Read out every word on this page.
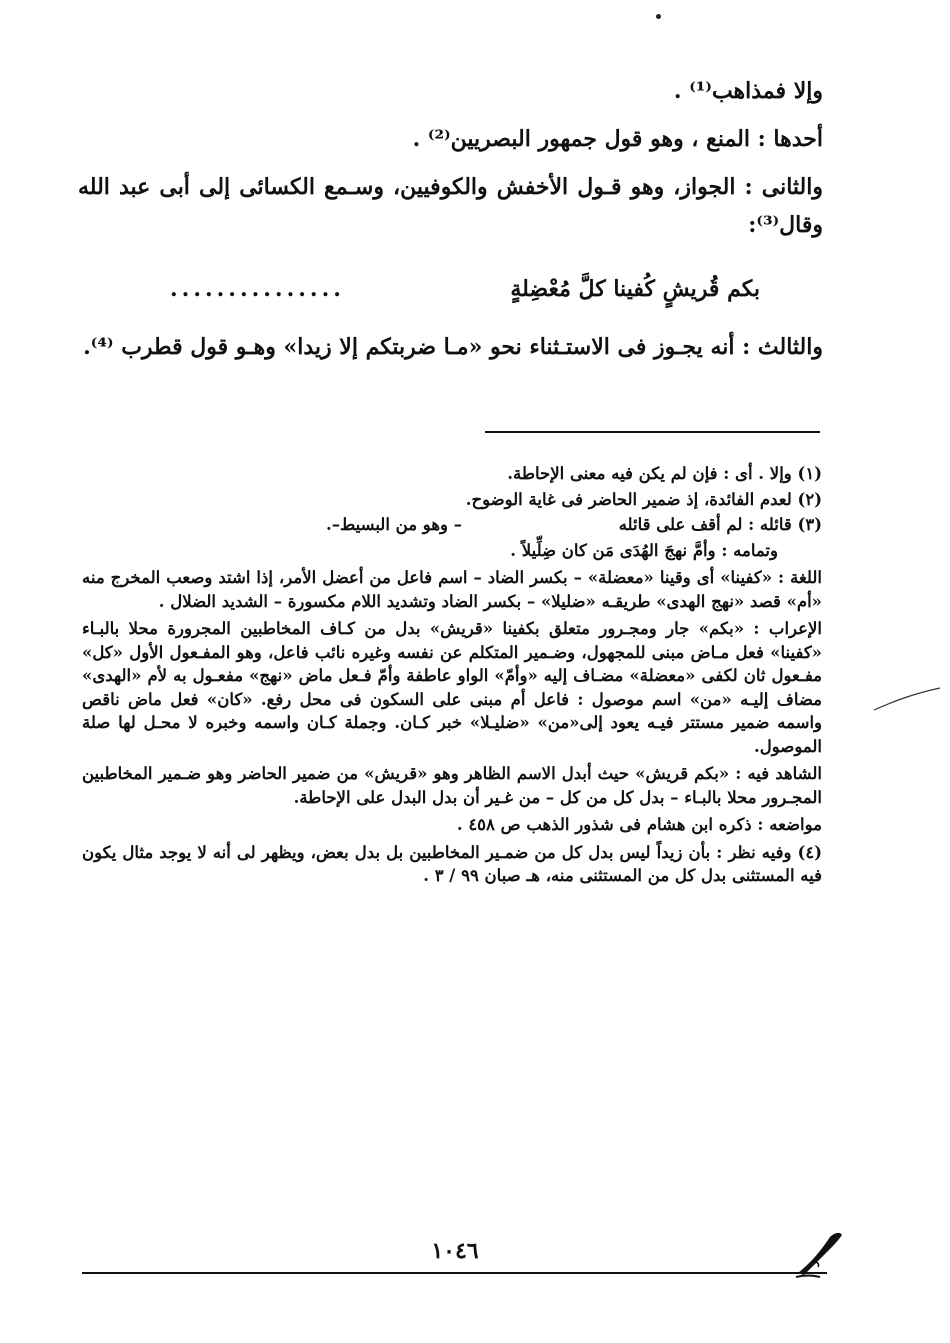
وإلا فمذاهب⁽¹⁾ .

أحدها : المنع ، وهو قول جمهور البصريين⁽²⁾ .

والثانى : الجواز، وهو قـول الأخفش والكوفيين، وسـمع الكسائى إلى أبى عبد الله وقال⁽³⁾:

بكم قُريشٍ كُفينا كلَّ مُعْضِلةٍ
...............

والثالث : أنه يجـوز فى الاستـثناء نحو «مـا ضربتكم إلا زيدا» وهـو قول قطرب ⁽⁴⁾.

(١) وإلا . أى : فإن لم يكن فيه معنى الإحاطة.

(٢) لعدم الفائدة، إذ ضمير الحاضر فى غاية الوضوح.

(٣) قائله : لم أقف على قائله– وهو من البسيط–.

وتمامه : وأمَّ نهجَ الهُدَى مَن كان ضِلِّيلاً .

اللغة : «كفينا» أى وقينا «معضلة» – بكسر الضاد – اسم فاعل من أعضل الأمر، إذا اشتد وصعب المخرج منه «أم» قصد «نهج الهدى» طريقـه «ضليلا» – بكسر الضاد وتشديد اللام مكسورة – الشديد الضلال .

الإعراب : «بكم» جار ومجـرور متعلق بكفينا «قريش» بدل من كـاف المخاطبين المجرورة محلا بالبـاء «كفينا» فعل مـاض مبنى للمجهول، وضـمير المتكلم عن نفسه وغيره نائب فاعل، وهو المفـعول الأول «كل» مفـعول ثان لكفى «معضلة» مضـاف إليه «وأمّ» الواو عاطفة وأمّ فـعل ماض «نهج» مفعـول به لأم «الهدى» مضاف إليـه «من» اسم موصول : فاعل أم مبنى على السكون فى محل رفع. «كان» فعل ماض ناقص واسمه ضمير مستتر فيـه يعود إلى«من» «ضليـلا» خبر كـان. وجملة كـان واسمه وخبره لا محـل لها صلة الموصول.

الشاهد فيه : «بكم قريش» حيث أبدل الاسم الظاهر وهو «قريش» من ضمير الحاضر وهو ضـمير المخاطبين المجـرور محلا بالبـاء – بدل كل من كل – من غـير أن بدل البدل على الإحاطة.

مواضعه : ذكره ابن هشام فى شذور الذهب ص ٤٥٨ .

(٤) وفيه نظر : بأن زيداً ليس بدل كل من ضمـير المخاطبين بل بدل بعض، ويظهر لى أنه لا يوجد مثال يكون فيه المستثنى بدل كل من المستثنى منه، هـ صبان ٩٩ / ٣ .

١٠٤٦
